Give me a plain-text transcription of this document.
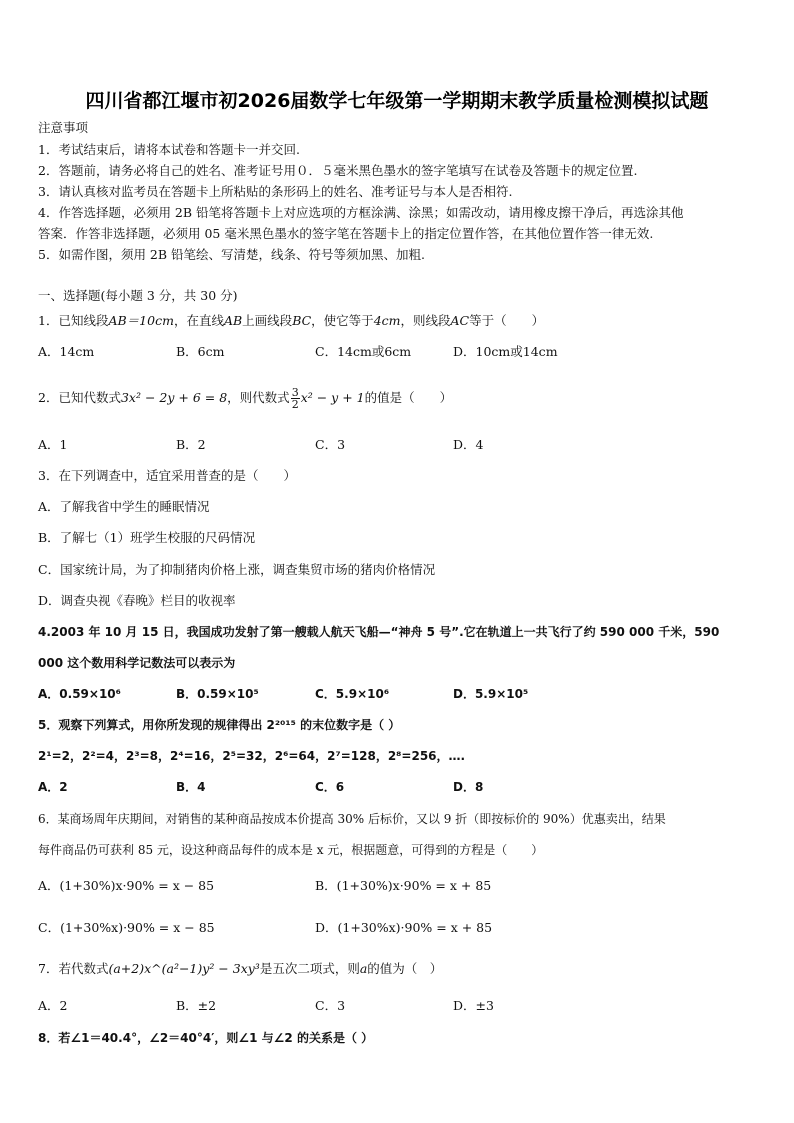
四川省都江堰市初2026届数学七年级第一学期期末教学质量检测模拟试题
注意事项
1．考试结束后，请将本试卷和答题卡一并交回.
2．答题前，请务必将自己的姓名、准考证号用０．５毫米黑色墨水的签字笔填写在试卷及答题卡的规定位置.
3．请认真核对监考员在答题卡上所粘贴的条形码上的姓名、准考证号与本人是否相符.
4．作答选择题，必须用 2B 铅笔将答题卡上对应选项的方框涂满、涂黑；如需改动，请用橡皮擦干净后，再选涂其他
答案．作答非选择题，必须用 05 毫米黑色墨水的签字笔在答题卡上的指定位置作答，在其他位置作答一律无效.
5．如需作图，须用 2B 铅笔绘、写清楚，线条、符号等须加黑、加粗.
一、选择题(每小题 3 分，共 30 分)
1．已知线段AB＝10cm，在直线AB上画线段BC，使它等于4cm，则线段AC等于（　　）
A．14cm	B．6cm	C．14cm或6cm	D．10cm或14cm
2．已知代数式3x² − 2y + 6 = 8，则代数式 $\frac{3}{2} x^2 - y + 1$的值是（　　）
A．1	B．2	C．3	D．4
3．在下列调查中，适宜采用普查的是（　　）
A．了解我省中学生的睡眠情况
B．了解七（1）班学生校服的尺码情况
C．国家统计局，为了抑制猪肉价格上涨，调查集贸市场的猪肉价格情况
D．调查央视《春晚》栏目的收视率
4.2003 年 10 月 15 日，我国成功发射了第一艘载人航天飞船—“神舟 5 号”.它在轨道上一共飞行了约 590 000 千米，590
000 这个数用科学记数法可以表示为
A．0.59×10⁶	B．0.59×10⁵	C．5.9×10⁶	D．5.9×10⁵
5．观察下列算式，用你所发现的规律得出 2²⁰¹⁵ 的末位数字是（ ）
2¹=2，2²=4，2³=8，2⁴=16，2⁵=32，2⁶=64，2⁷=128，2⁸=256，….
A．2	B．4	C．6	D．8
6．某商场周年庆期间，对销售的某种商品按成本价提高 30% 后标价，又以 9 折（即按标价的 90%）优惠卖出，结果
每件商品仍可获利 85 元，设这种商品每件的成本是 x 元，根据题意，可得到的方程是（　　）
A．(1+30%)x·90% = x − 85	B．(1+30%)x·90% = x + 85
C．(1+30%x)·90% = x − 85	D．(1+30%x)·90% = x + 85
7．若代数式(a+2)x^(a²−1)y² − 3xy³是五次二项式，则a的值为（　）
A．2	B．±2	C．3	D．±3
8．若∠1＝40.4°，∠2＝40°4′，则∠1 与∠2 的关系是（ ）
